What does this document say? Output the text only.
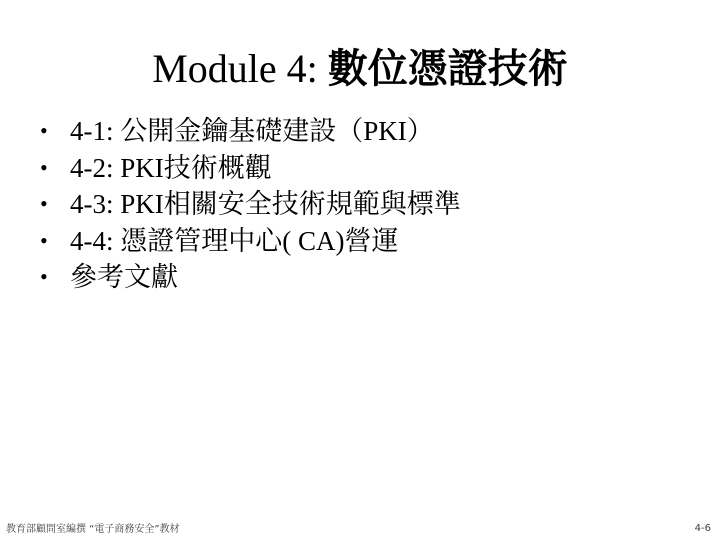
Module 4: 數位憑證技術
• 4-1: 公開金鑰基礎建設（PKI）
• 4-2: PKI技術概觀
• 4-3: PKI相關安全技術規範與標準
• 4-4: 憑證管理中心( CA)營運
• 參考文獻
教育部顧問室編撰 “電子商務安全”教材	4-6
